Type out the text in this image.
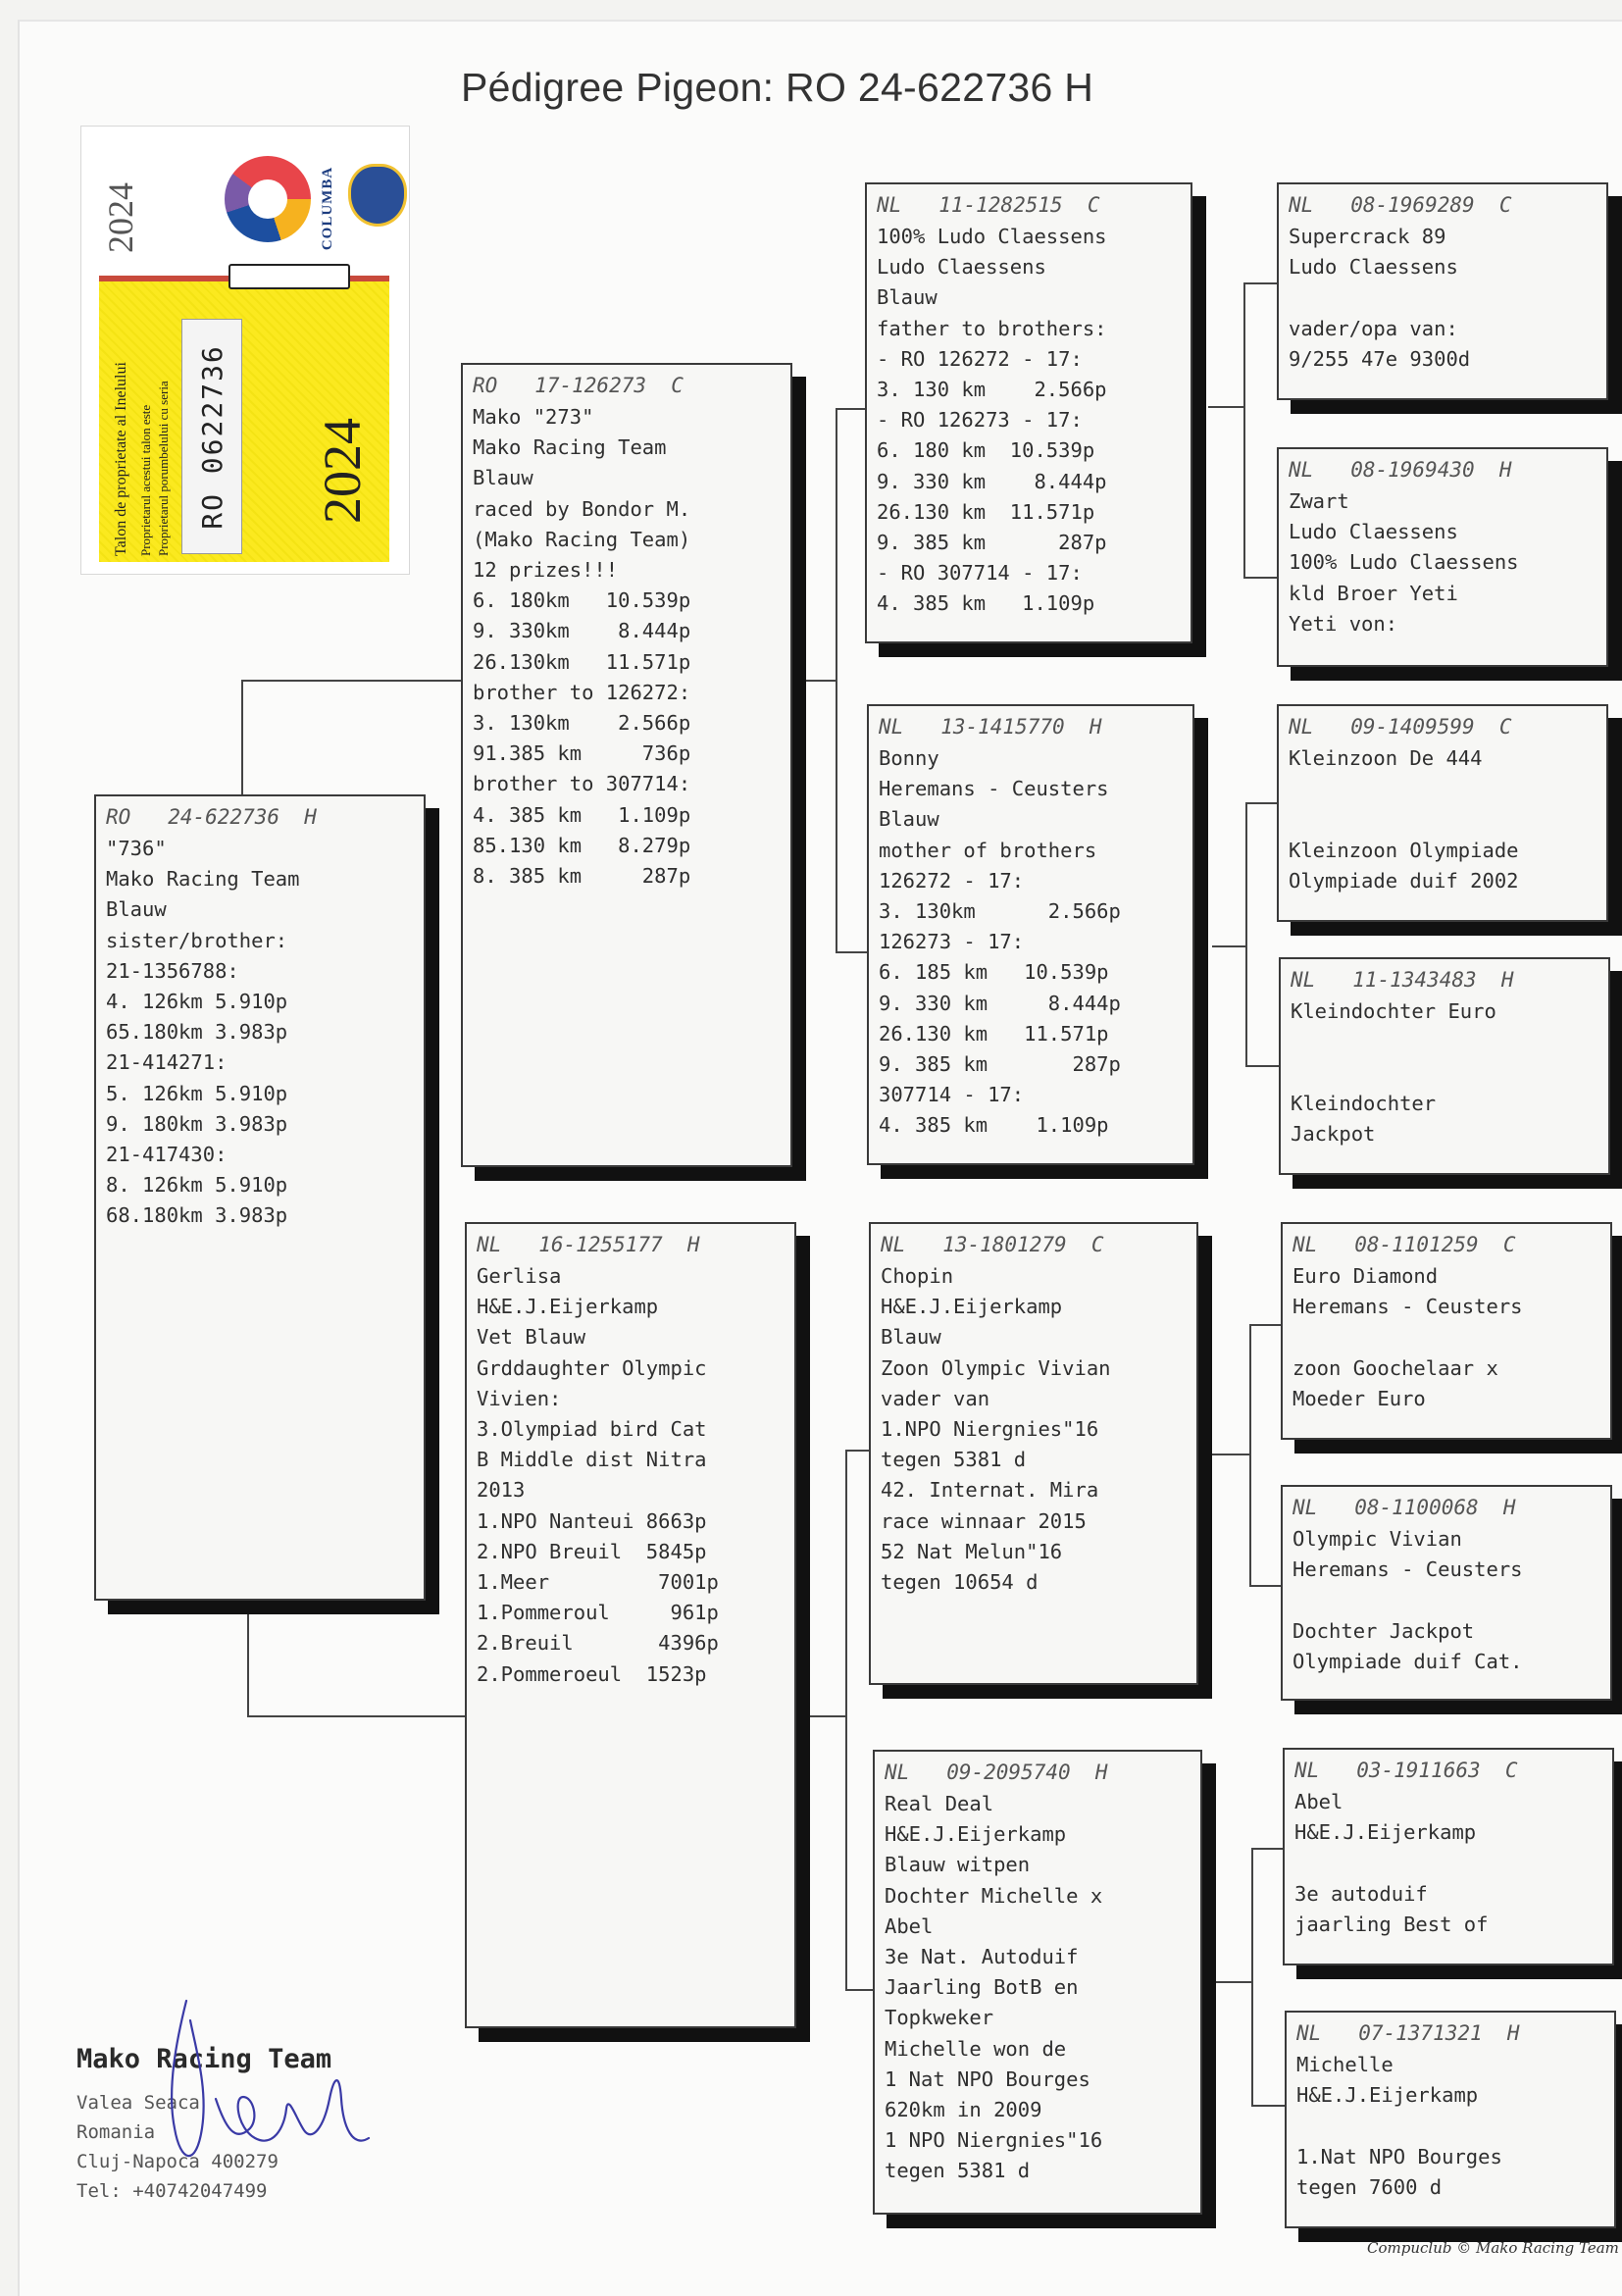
Pédigree Pigeon: RO 24-622736 H
2024	COLUMBA
Talon de proprietate al Inelului Proprietarul acestui talon este Proprietarul porumbelului cu seria RO 0622736 2024
RO   24-622736  H
"736"
Mako Racing Team
Blauw
sister/brother:
21-1356788:
4. 126km 5.910p
65.180km 3.983p
21-414271:
5. 126km 5.910p
9. 180km 3.983p
21-417430:
8. 126km 5.910p
68.180km 3.983p
RO   17-126273  C
Mako "273"
Mako Racing Team
Blauw
raced by Bondor M.
(Mako Racing Team)
12 prizes!!!
6. 180km   10.539p
9. 330km    8.444p
26.130km   11.571p
brother to 126272:
3. 130km    2.566p
91.385 km     736p
brother to 307714:
4. 385 km   1.109p
85.130 km   8.279p
8. 385 km     287p
NL   16-1255177  H
Gerlisa
H&E.J.Eijerkamp
Vet Blauw
Grddaughter Olympic
Vivien:
3.Olympiad bird Cat
B Middle dist Nitra
2013
1.NPO Nanteui 8663p
2.NPO Breuil  5845p
1.Meer         7001p
1.Pommeroul     961p
2.Breuil       4396p
2.Pommeroeul  1523p
NL   11-1282515  C
100% Ludo Claessens
Ludo Claessens
Blauw
father to brothers:
- RO 126272 - 17:
3. 130 km    2.566p
- RO 126273 - 17:
6. 180 km  10.539p
9. 330 km    8.444p
26.130 km  11.571p
9. 385 km      287p
- RO 307714 - 17:
4. 385 km   1.109p
NL   13-1415770  H
Bonny
Heremans - Ceusters
Blauw
mother of brothers
126272 - 17:
3. 130km      2.566p
126273 - 17:
6. 185 km   10.539p
9. 330 km     8.444p
26.130 km   11.571p
9. 385 km       287p
307714 - 17:
4. 385 km    1.109p
NL   13-1801279  C
Chopin
H&E.J.Eijerkamp
Blauw
Zoon Olympic Vivian
vader van
1.NPO Niergnies"16
tegen 5381 d
42. Internat. Mira
race winnaar 2015
52 Nat Melun"16
tegen 10654 d
NL   09-2095740  H
Real Deal
H&E.J.Eijerkamp
Blauw witpen
Dochter Michelle x
Abel
3e Nat. Autoduif
Jaarling BotB en
Topkweker
Michelle won de
1 Nat NPO Bourges
620km in 2009
1 NPO Niergnies"16
tegen 5381 d
NL   08-1969289  C
Supercrack 89
Ludo Claessens

vader/opa van:
9/255 47e 9300d
NL   08-1969430  H
Zwart
Ludo Claessens
100% Ludo Claessens
kld Broer Yeti
Yeti von:
NL   09-1409599  C
Kleinzoon De 444

Kleinzoon Olympiade
Olympiade duif 2002
NL   11-1343483  H
Kleindochter Euro

Kleindochter
Jackpot
NL   08-1101259  C
Euro Diamond
Heremans - Ceusters

zoon Goochelaar x
Moeder Euro
NL   08-1100068  H
Olympic Vivian
Heremans - Ceusters

Dochter Jackpot
Olympiade duif Cat.
NL   03-1911663  C
Abel
H&E.J.Eijerkamp

3e autoduif
jaarling Best of
NL   07-1371321  H
Michelle
H&E.J.Eijerkamp

1.Nat NPO Bourges
tegen 7600 d
Mako Racing Team
Valea Seaca
Romania
Cluj-Napoca 400279
Tel: +40742047499
Compuclub © Mako Racing Team
